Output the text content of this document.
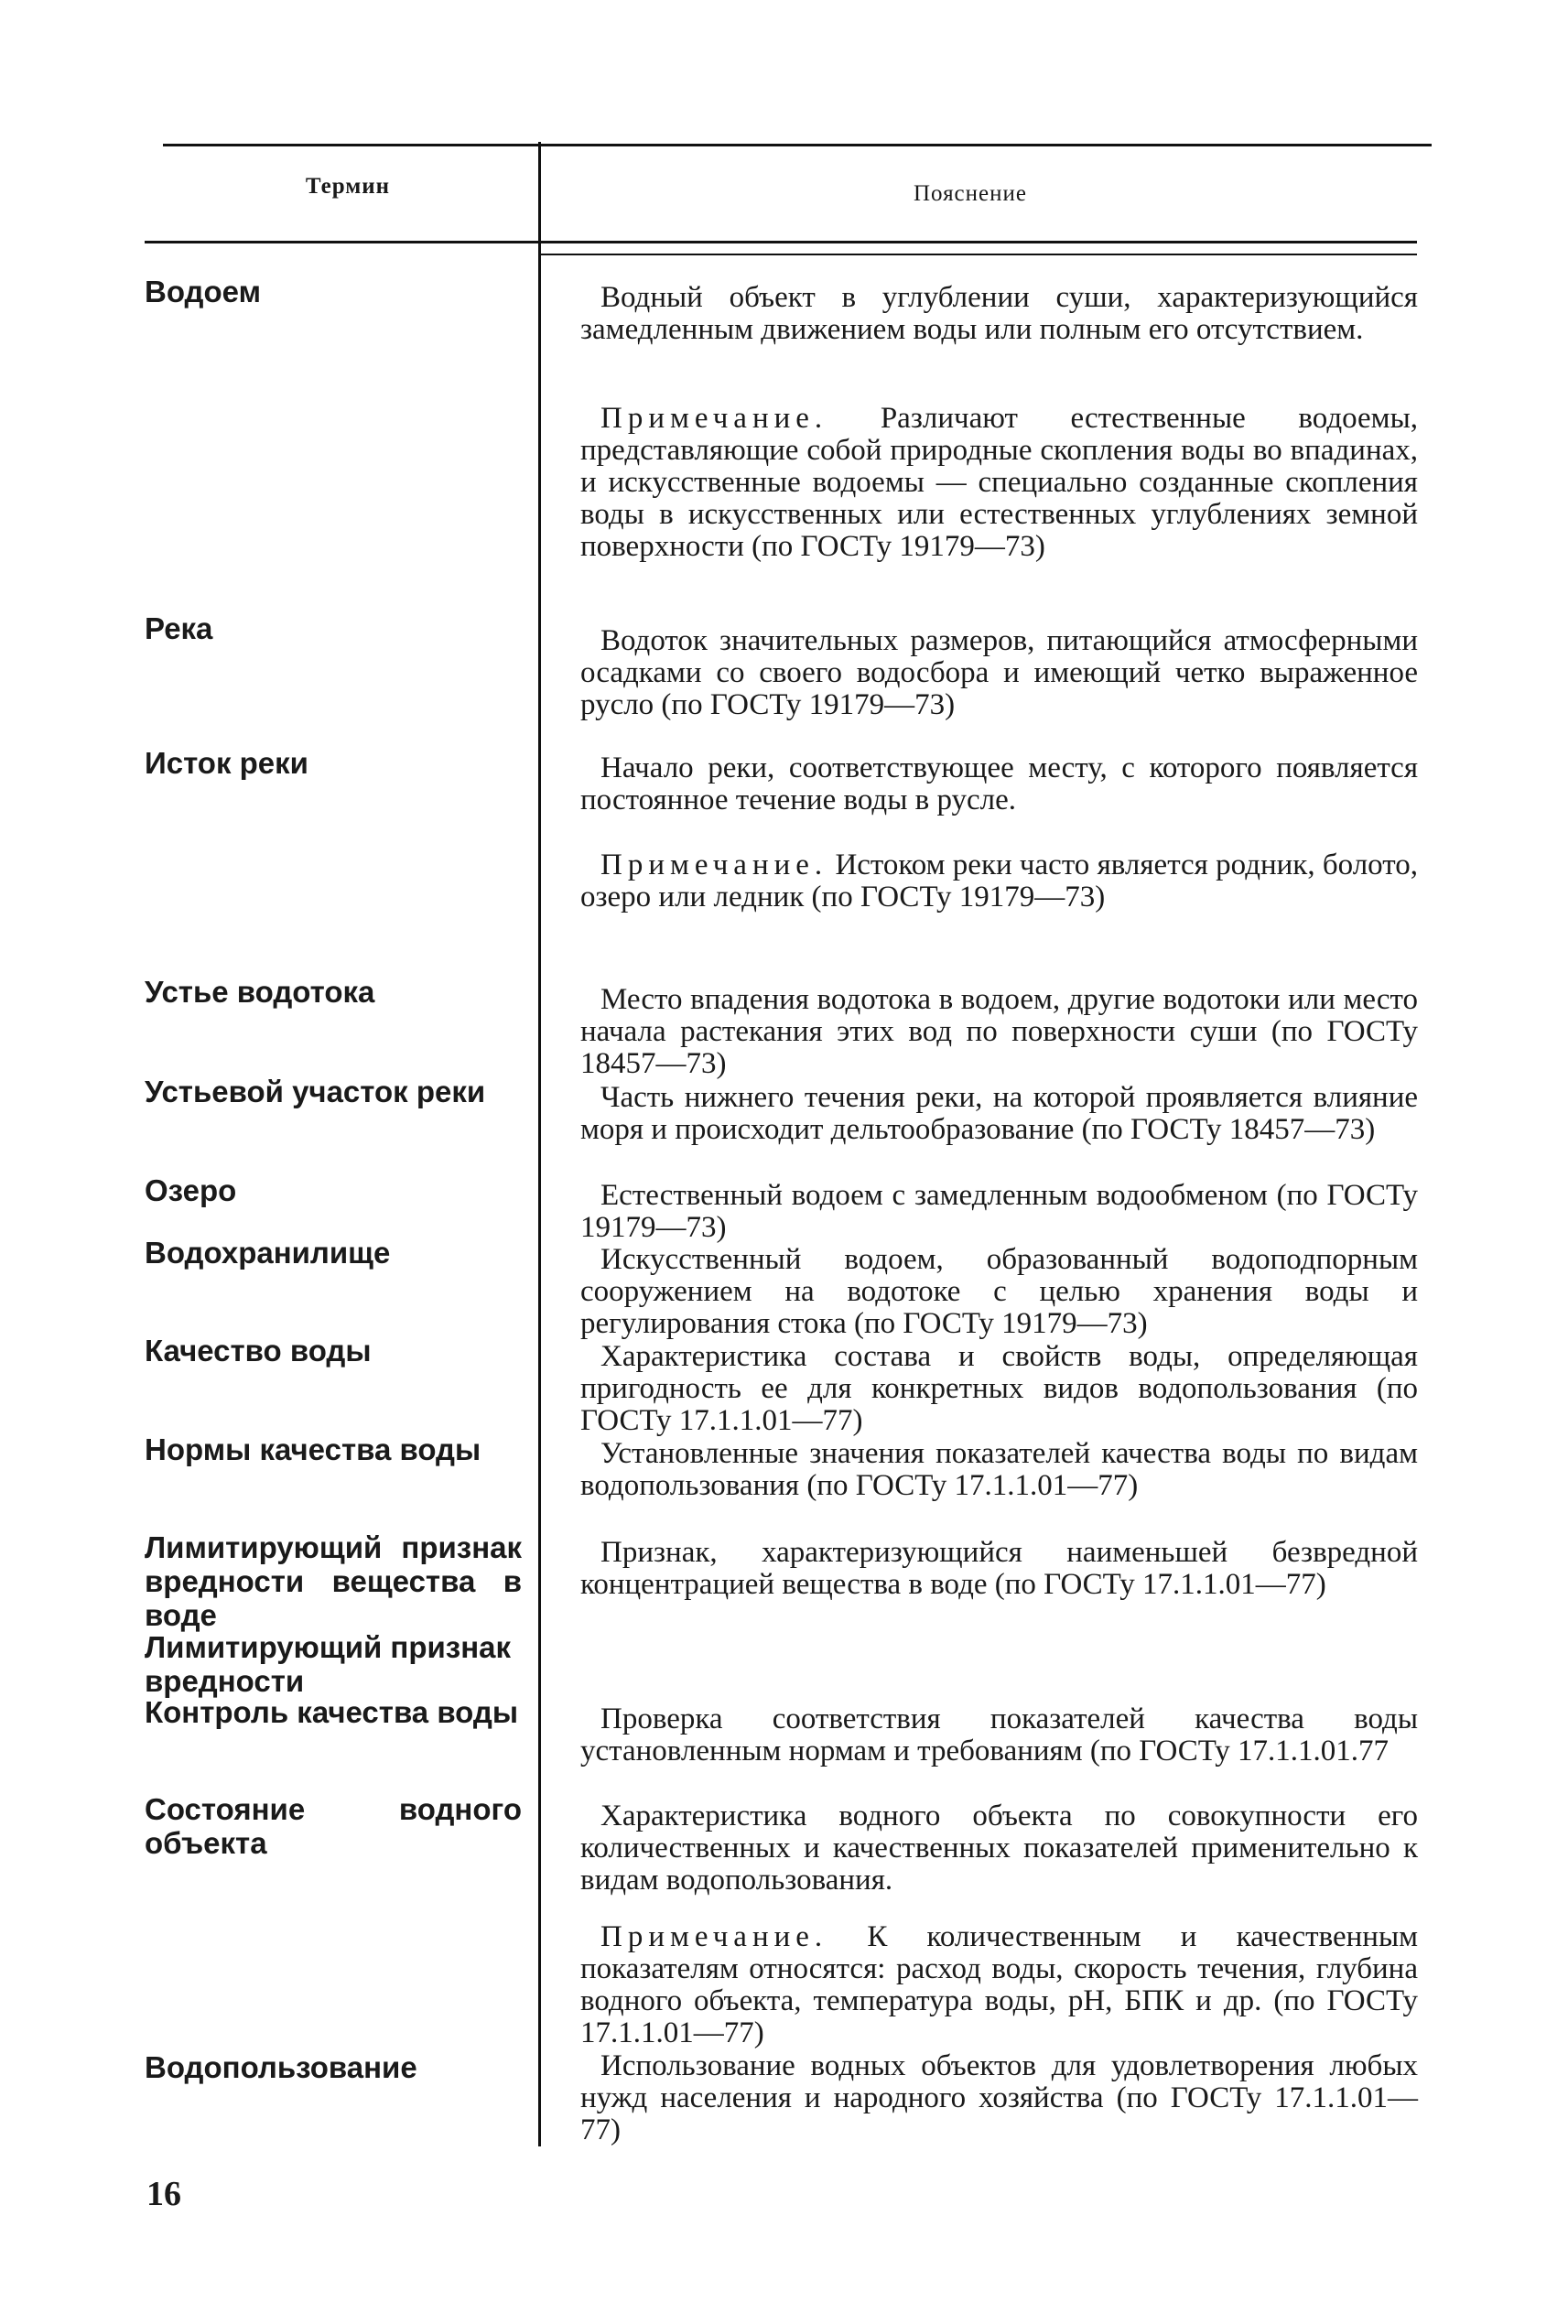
Термин	Пояснение
Водоем
Река
Исток реки
Устье водотока
Устьевой участок реки
Озеро
Водохранилище
Качество воды
Нормы качества воды
Лимитирующий признак вредности вещества в воде
Лимитирующий признак вредности
Контроль качества воды
Состояние водного объекта
Водопользование
Водный объект в углублении суши, характеризующийся замедленным движением воды или полным его отсутствием.
Примечание. Различают естественные водоемы, представляющие собой природные скопления воды во впадинах, и искусственные водоемы — специально созданные скопления воды в искусственных или естественных углублениях земной поверхности (по ГОСТу 19179—73)
Водоток значительных размеров, питающийся атмосферными осадками со своего водосбора и имеющий четко выраженное русло (по ГОСТу 19179—73)
Начало реки, соответствующее месту, с которого появляется постоянное течение воды в русле.
Примечание. Истоком реки часто является родник, болото, озеро или ледник (по ГОСТу 19179—73)
Место впадения водотока в водоем, другие водотоки или место начала растекания этих вод по поверхности суши (по ГОСТу 18457—73)
Часть нижнего течения реки, на которой проявляется влияние моря и происходит дельтообразование (по ГОСТу 18457—73)
Естественный водоем с замедленным водообменом (по ГОСТу 19179—73)
Искусственный водоем, образованный водоподпорным сооружением на водотоке с целью хранения воды и регулирования стока (по ГОСТу 19179—73)
Характеристика состава и свойств воды, определяющая пригодность ее для конкретных видов водопользования (по ГОСТу 17.1.1.01—77)
Установленные значения показателей качества воды по видам водопользования (по ГОСТу 17.1.1.01—77)
Признак, характеризующийся наименьшей безвредной концентрацией вещества в воде (по ГОСТу 17.1.1.01—77)
Проверка соответствия показателей качества воды установленным нормам и требованиям (по ГОСТу 17.1.1.01.77
Характеристика водного объекта по совокупности его количественных и качественных показателей применительно к видам водопользования.
Примечание. К количественным и качественным показателям относятся: расход воды, скорость течения, глубина водного объекта, температура воды, pH, БПК и др. (по ГОСТу 17.1.1.01—77)
Использование водных объектов для удовлетворения любых нужд населения и народного хозяйства (по ГОСТу 17.1.1.01—77)
16
